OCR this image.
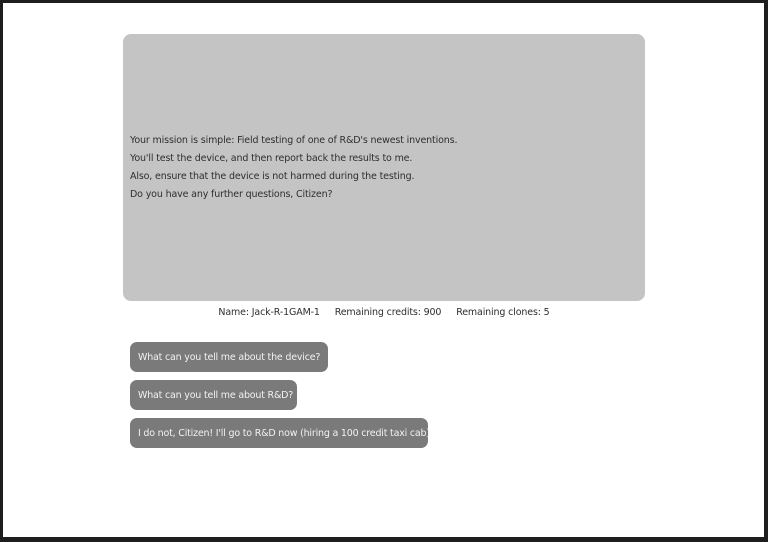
Your mission is simple: Field testing of one of R&D's newest inventions.
You'll test the device, and then report back the results to me.
Also, ensure that the device is not harmed during the testing.
Do you have any further questions, Citizen?
Name: Jack-R-1GAM-1 Remaining credits: 900 Remaining clones: 5
What can you tell me about the device?
What can you tell me about R&D?
I do not, Citizen! I'll go to R&D now (hiring a 100 credit taxi cab)
